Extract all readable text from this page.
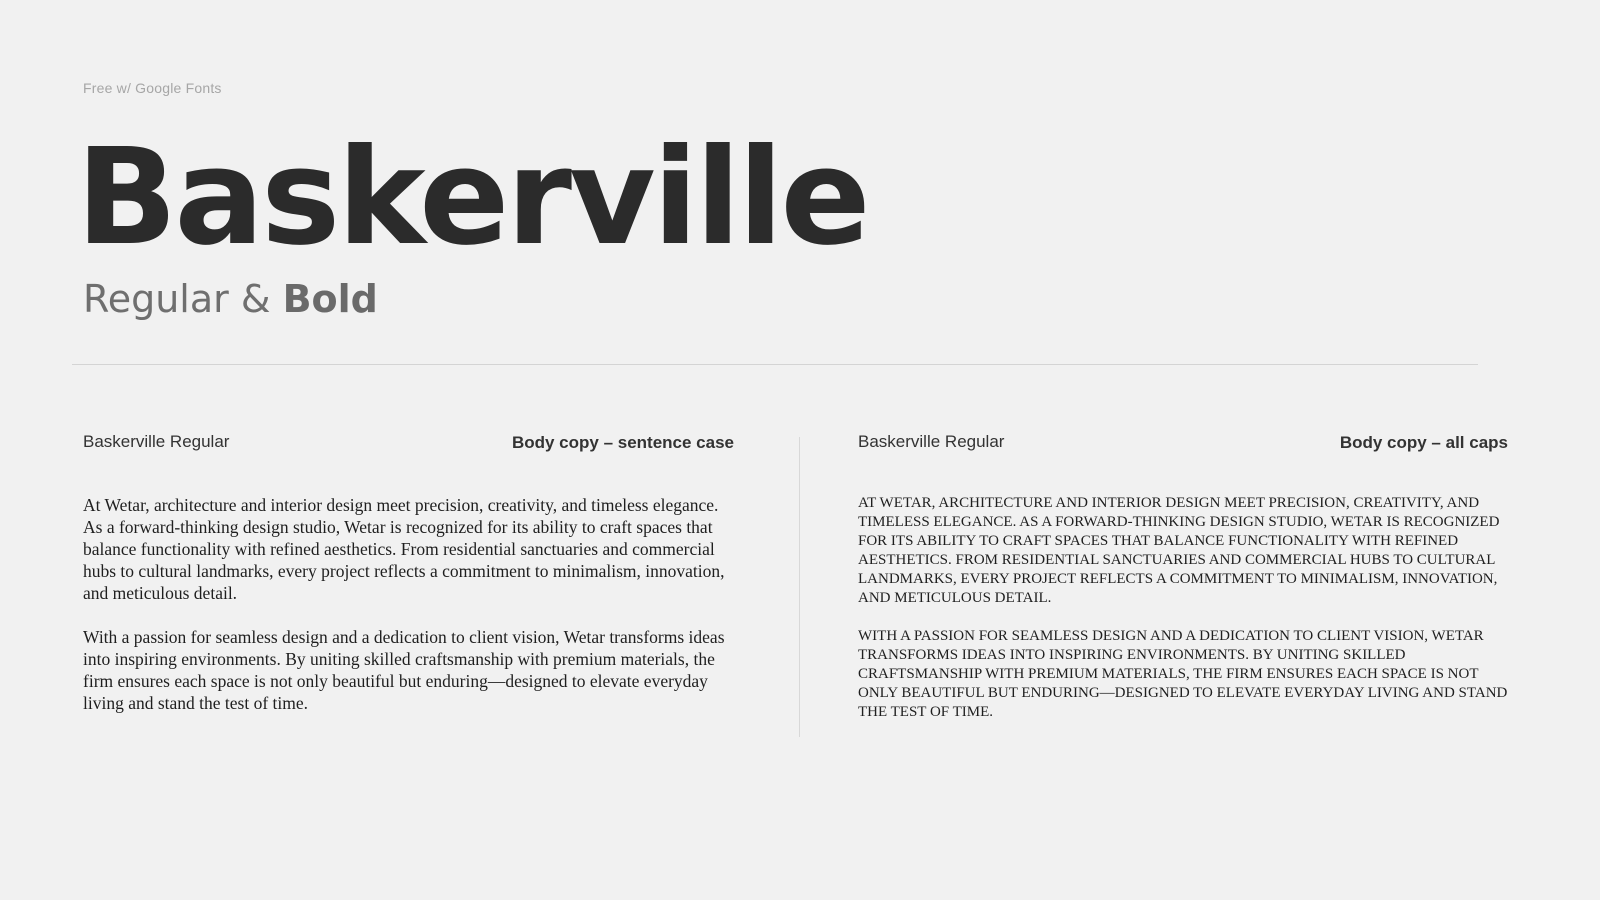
Free w/ Google Fonts
Baskerville
Regular & Bold
Baskerville Regular	Body copy – sentence case

At Wetar, architecture and interior design meet precision, creativity, and timeless elegance. As a forward-thinking design studio, Wetar is recognized for its ability to craft spaces that balance functionality with refined aesthetics. From residential sanctuaries and commercial hubs to cultural landmarks, every project reflects a commitment to minimalism, innovation, and meticulous detail.

With a passion for seamless design and a dedication to client vision, Wetar transforms ideas into inspiring environments. By uniting skilled craftsmanship with premium materials, the firm ensures each space is not only beautiful but enduring—designed to elevate everyday living and stand the test of time.

Baskerville Regular	Body copy – all caps

AT WETAR, ARCHITECTURE AND INTERIOR DESIGN MEET PRECISION, CREATIVITY, AND TIMELESS ELEGANCE. AS A FORWARD-THINKING DESIGN STUDIO, WETAR IS RECOGNIZED FOR ITS ABILITY TO CRAFT SPACES THAT BALANCE FUNCTIONALITY WITH REFINED AESTHETICS. FROM RESIDENTIAL SANCTUARIES AND COMMERCIAL HUBS TO CULTURAL LANDMARKS, EVERY PROJECT REFLECTS A COMMITMENT TO MINIMALISM, INNOVATION, AND METICULOUS DETAIL.

WITH A PASSION FOR SEAMLESS DESIGN AND A DEDICATION TO CLIENT VISION, WETAR TRANSFORMS IDEAS INTO INSPIRING ENVIRONMENTS. BY UNITING SKILLED CRAFTSMANSHIP WITH PREMIUM MATERIALS, THE FIRM ENSURES EACH SPACE IS NOT ONLY BEAUTIFUL BUT ENDURING—DESIGNED TO ELEVATE EVERYDAY LIVING AND STAND THE TEST OF TIME.
